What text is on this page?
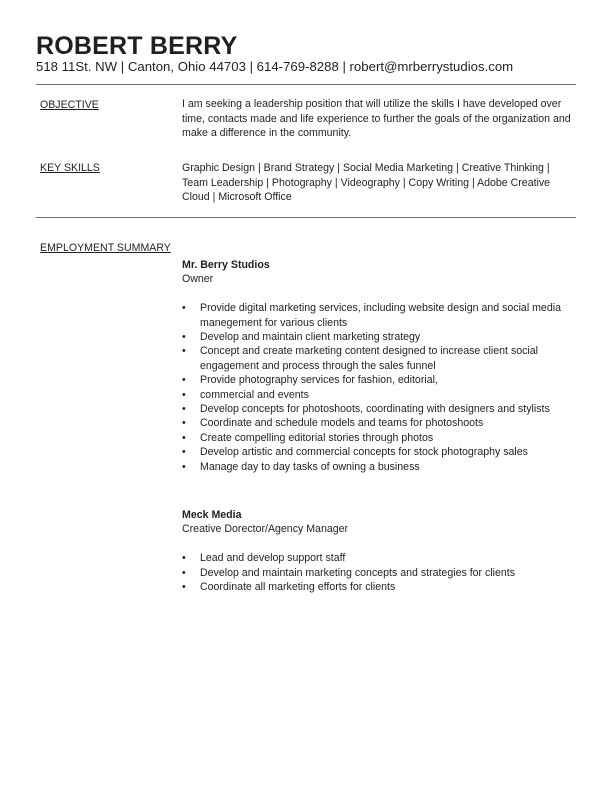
ROBERT BERRY
518 11St. NW | Canton, Ohio 44703 | 614-769-8288 | robert@mrberrystudios.com
OBJECTIVE	I am seeking a leadership position that will utilize the skills I have developed over time, contacts made and life experience to further the goals of the organization and make a difference in the community.
KEY SKILLS	Graphic Design | Brand Strategy | Social Media Marketing | Creative Thinking | Team Leadership | Photography | Videography | Copy Writing | Adobe Creative Cloud | Microsoft Office
EMPLOYMENT SUMMARY
Mr. Berry Studios
Owner
• Provide digital marketing services, including website design and social media manegement for various clients
• Develop and maintain client marketing strategy
• Concept and create marketing content designed to increase client social engagement and process through the sales funnel
• Provide photography services for fashion, editorial,
• commercial and events
• Develop concepts for photoshoots, coordinating with designers and stylists
• Coordinate and schedule models and teams for photoshoots
• Create compelling editorial stories through photos
• Develop artistic and commercial concepts for stock photography sales
• Manage day to day tasks of owning a business
Meck Media
Creative Dorector/Agency Manager
• Lead and develop support staff
• Develop and maintain marketing concepts and strategies for clients
• Coordinate all marketing efforts for clients
